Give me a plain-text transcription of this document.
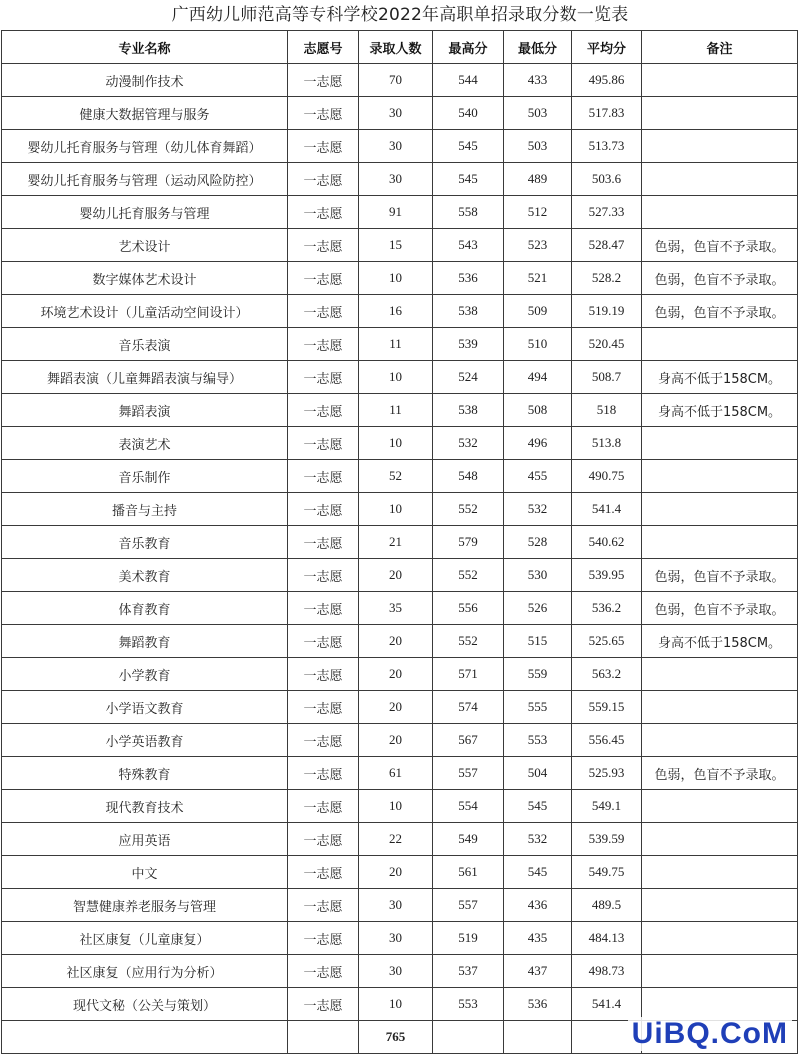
广西幼儿师范高等专科学校2022年高职单招录取分数一览表
专业名称	志愿号	录取人数	最高分	最低分	平均分	备注
动漫制作技术	一志愿	70	544	433	495.86	
健康大数据管理与服务	一志愿	30	540	503	517.83	
婴幼儿托育服务与管理（幼儿体育舞蹈）	一志愿	30	545	503	513.73	
婴幼儿托育服务与管理（运动风险防控）	一志愿	30	545	489	503.6	
婴幼儿托育服务与管理	一志愿	91	558	512	527.33	
艺术设计	一志愿	15	543	523	528.47	色弱，色盲不予录取。
数字媒体艺术设计	一志愿	10	536	521	528.2	色弱，色盲不予录取。
环境艺术设计（儿童活动空间设计）	一志愿	16	538	509	519.19	色弱，色盲不予录取。
音乐表演	一志愿	11	539	510	520.45	
舞蹈表演（儿童舞蹈表演与编导）	一志愿	10	524	494	508.7	身高不低于158CM。
舞蹈表演	一志愿	11	538	508	518	身高不低于158CM。
表演艺术	一志愿	10	532	496	513.8	
音乐制作	一志愿	52	548	455	490.75	
播音与主持	一志愿	10	552	532	541.4	
音乐教育	一志愿	21	579	528	540.62	
美术教育	一志愿	20	552	530	539.95	色弱，色盲不予录取。
体育教育	一志愿	35	556	526	536.2	色弱，色盲不予录取。
舞蹈教育	一志愿	20	552	515	525.65	身高不低于158CM。
小学教育	一志愿	20	571	559	563.2	
小学语文教育	一志愿	20	574	555	559.15	
小学英语教育	一志愿	20	567	553	556.45	
特殊教育	一志愿	61	557	504	525.93	色弱，色盲不予录取。
现代教育技术	一志愿	10	554	545	549.1	
应用英语	一志愿	22	549	532	539.59	
中文	一志愿	20	561	545	549.75	
智慧健康养老服务与管理	一志愿	30	557	436	489.5	
社区康复（儿童康复）	一志愿	30	519	435	484.13	
社区康复（应用行为分析）	一志愿	30	537	437	498.73	
现代文秘（公关与策划）	一志愿	10	553	536	541.4	
		765					UiBQ.CoM
